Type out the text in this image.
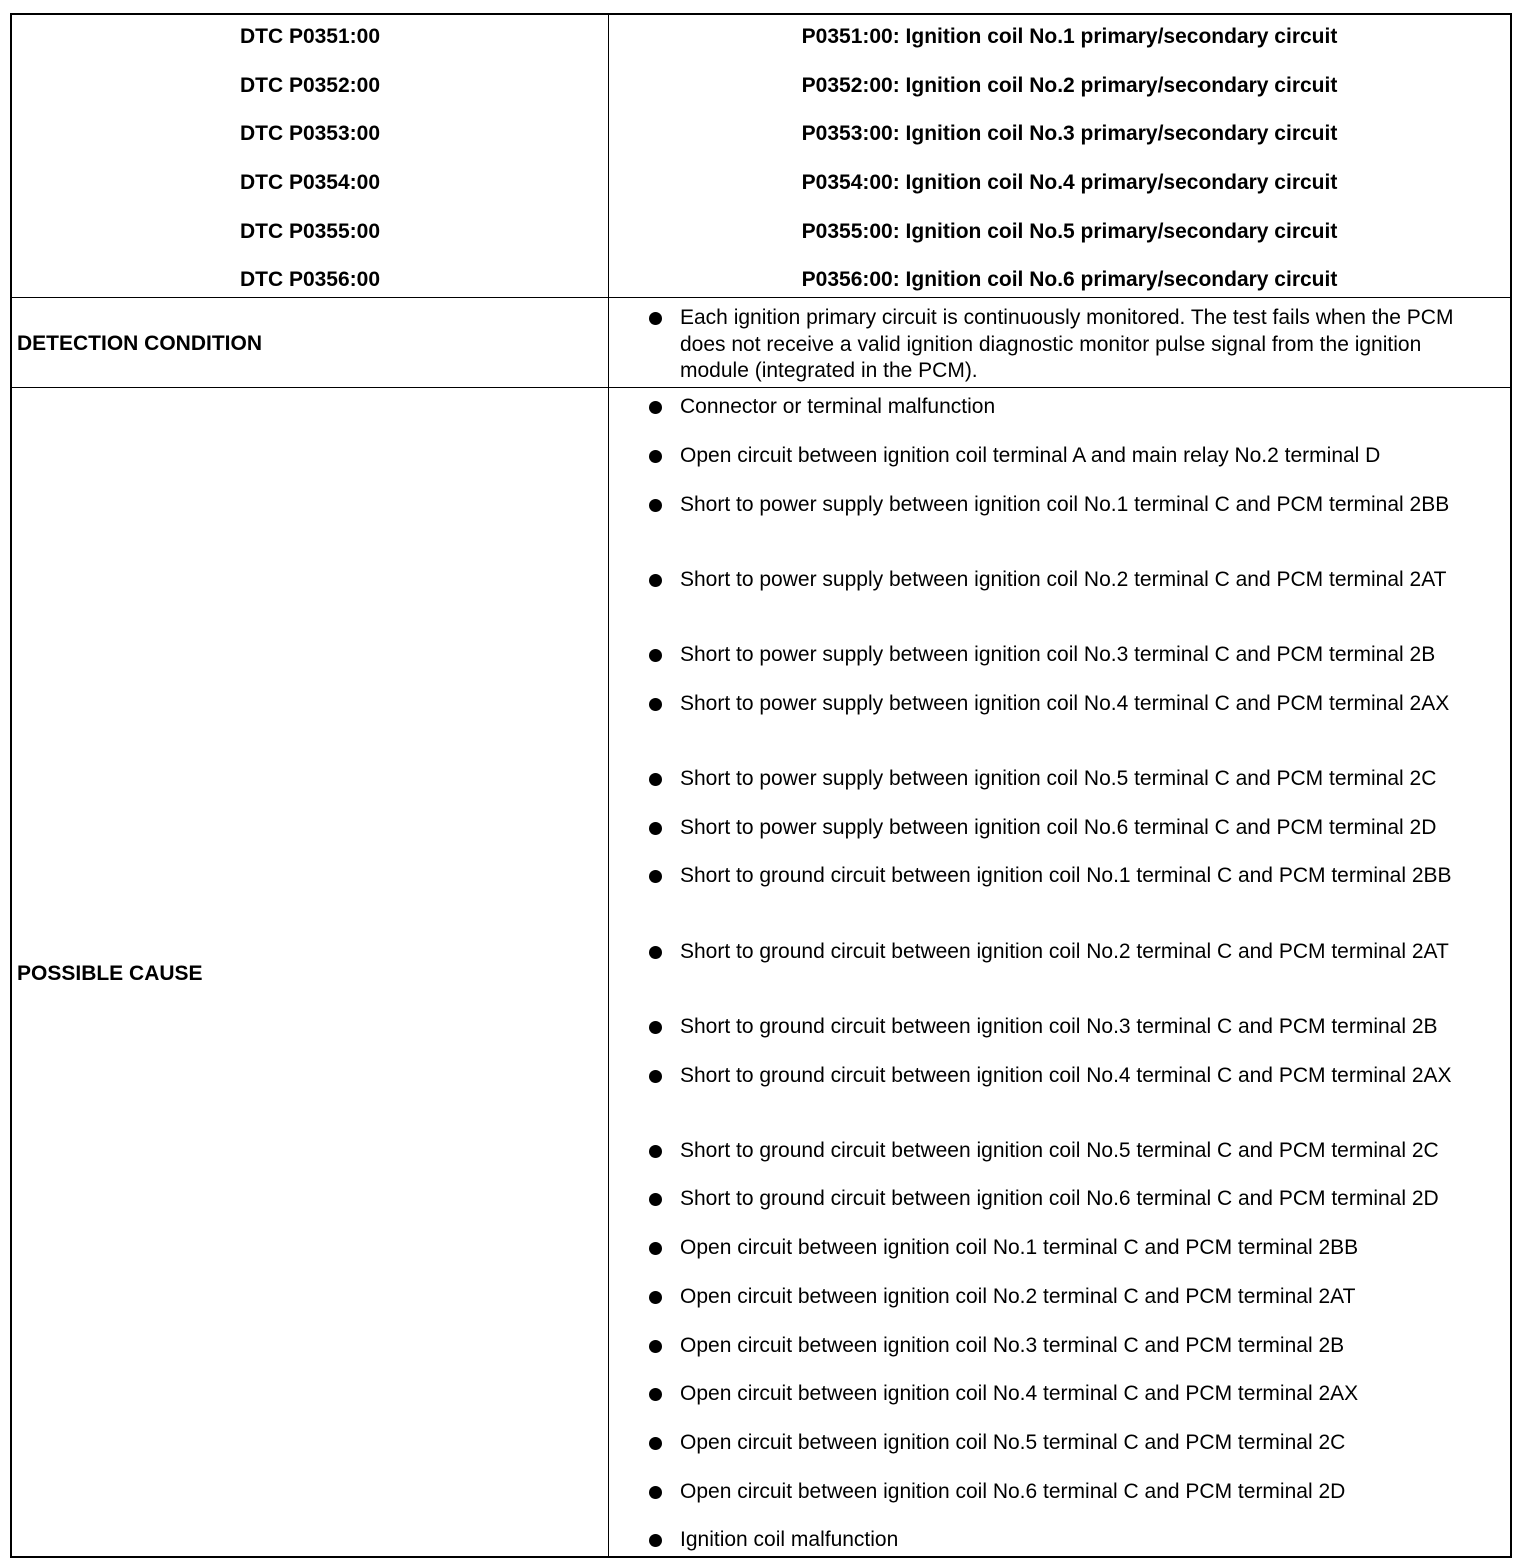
DTC P0351:00
DTC P0352:00
DTC P0353:00
DTC P0354:00
DTC P0355:00
DTC P0356:00
P0351:00: Ignition coil No.1 primary/secondary circuit
P0352:00: Ignition coil No.2 primary/secondary circuit
P0353:00: Ignition coil No.3 primary/secondary circuit
P0354:00: Ignition coil No.4 primary/secondary circuit
P0355:00: Ignition coil No.5 primary/secondary circuit
P0356:00: Ignition coil No.6 primary/secondary circuit
DETECTION CONDITION
Each ignition primary circuit is continuously monitored. The test fails when the PCM does not receive a valid ignition diagnostic monitor pulse signal from the ignition module (integrated in the PCM).
POSSIBLE CAUSE
Connector or terminal malfunction
Open circuit between ignition coil terminal A and main relay No.2 terminal D
Short to power supply between ignition coil No.1 terminal C and PCM terminal 2BB
Short to power supply between ignition coil No.2 terminal C and PCM terminal 2AT
Short to power supply between ignition coil No.3 terminal C and PCM terminal 2B
Short to power supply between ignition coil No.4 terminal C and PCM terminal 2AX
Short to power supply between ignition coil No.5 terminal C and PCM terminal 2C
Short to power supply between ignition coil No.6 terminal C and PCM terminal 2D
Short to ground circuit between ignition coil No.1 terminal C and PCM terminal 2BB
Short to ground circuit between ignition coil No.2 terminal C and PCM terminal 2AT
Short to ground circuit between ignition coil No.3 terminal C and PCM terminal 2B
Short to ground circuit between ignition coil No.4 terminal C and PCM terminal 2AX
Short to ground circuit between ignition coil No.5 terminal C and PCM terminal 2C
Short to ground circuit between ignition coil No.6 terminal C and PCM terminal 2D
Open circuit between ignition coil No.1 terminal C and PCM terminal 2BB
Open circuit between ignition coil No.2 terminal C and PCM terminal 2AT
Open circuit between ignition coil No.3 terminal C and PCM terminal 2B
Open circuit between ignition coil No.4 terminal C and PCM terminal 2AX
Open circuit between ignition coil No.5 terminal C and PCM terminal 2C
Open circuit between ignition coil No.6 terminal C and PCM terminal 2D
Ignition coil malfunction
